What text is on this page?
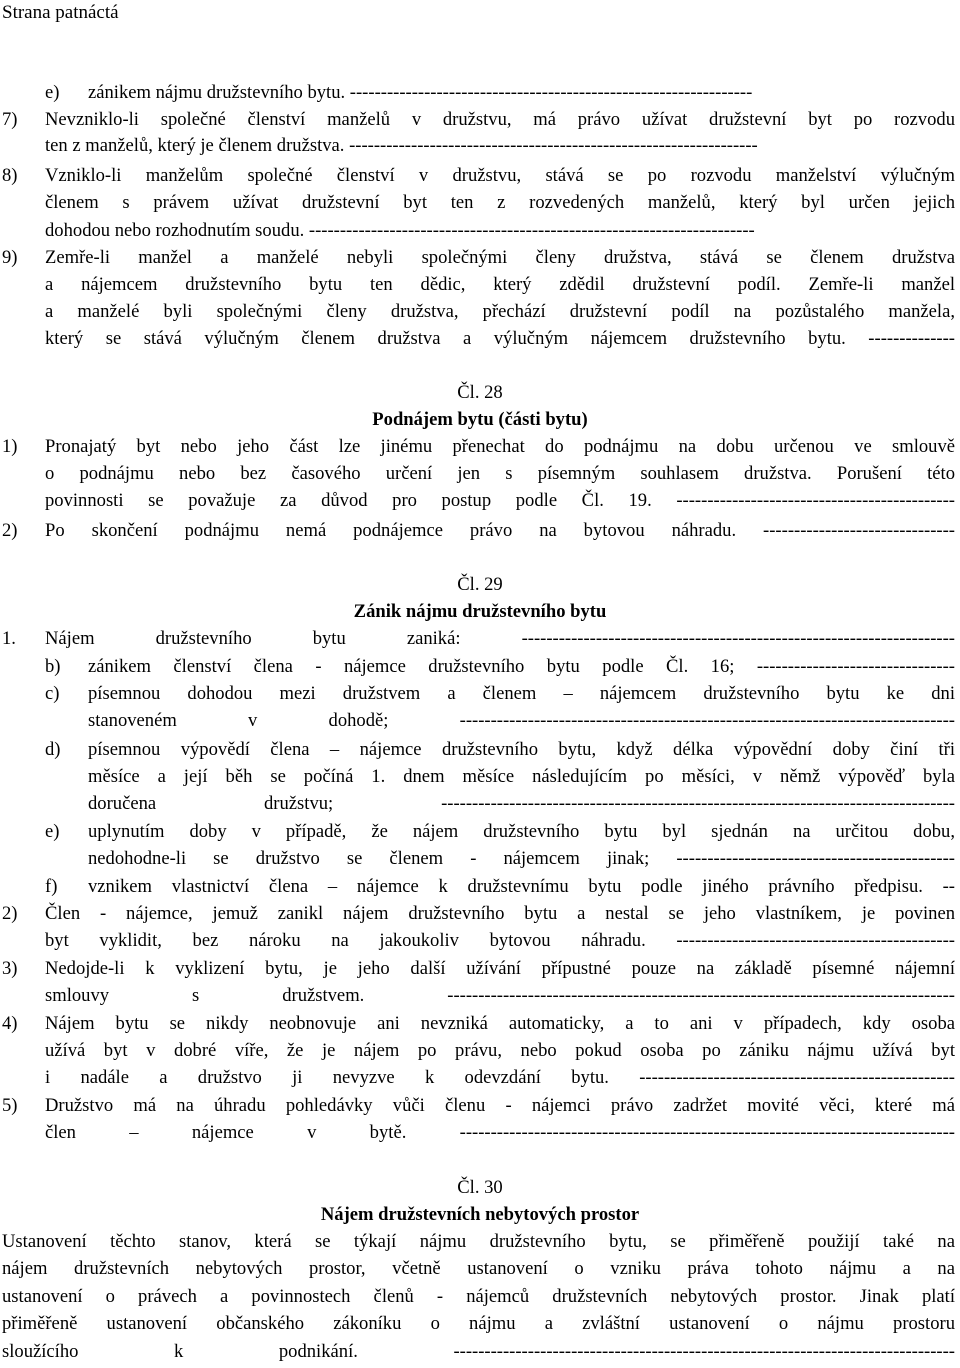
Strana patnáctá
e) zánikem nájmu družstevního bytu. -----------------------------------------------------------------
7) Nevzniklo-li společné členství manželů v družstvu, má právo užívat družstevní byt po rozvodu
ten z manželů, který je členem družstva. ------------------------------------------------------------------
8) Vzniklo-li manželům společné členství v družstvu, stává se po rozvodu manželství výlučným
členem s právem užívat družstevní byt ten z rozvedených manželů, který byl určen jejich
dohodou nebo rozhodnutím soudu. ------------------------------------------------------------------------
9) Zemře-li manžel a manželé nebyli společnými členy družstva, stává se členem družstva
a nájemcem družstevního bytu ten dědic, který zdědil družstevní podíl. Zemře-li manžel
a manželé byli společnými členy družstva, přechází družstevní podíl na pozůstalého manžela,
který se stává výlučným členem družstva a výlučným nájemcem družstevního bytu. --------------
1) Pronajatý byt nebo jeho část lze jinému přenechat do podnájmu na dobu určenou ve smlouvě
o podnájmu nebo bez časového určení jen s písemným souhlasem družstva. Porušení této
povinnosti se považuje za důvod pro postup podle Čl. 19. ---------------------------------------------
2) Po skončení podnájmu nemá podnájemce právo na bytovou náhradu. -------------------------------
1. Nájem družstevního bytu zaniká: ----------------------------------------------------------------------
b) zánikem členství člena - nájemce družstevního bytu podle Čl. 16; --------------------------------
c) písemnou dohodou mezi družstvem a členem – nájemcem družstevního bytu ke dni
stanoveném v dohodě; --------------------------------------------------------------------------------
d) písemnou výpovědí člena – nájemce družstevního bytu, když délka výpovědní doby činí tři
měsíce a její běh se počíná 1. dnem měsíce následujícím po měsíci, v němž výpověď byla
doručena družstvu; -----------------------------------------------------------------------------------
e) uplynutím doby v případě, že nájem družstevního bytu byl sjednán na určitou dobu,
nedohodne-li se družstvo se členem - nájemcem jinak; ---------------------------------------------
f) vznikem vlastnictví člena – nájemce k družstevnímu bytu podle jiného právního předpisu. --
2) Člen - nájemce, jemuž zanikl nájem družstevního bytu a nestal se jeho vlastníkem, je povinen
byt vyklidit, bez nároku na jakoukoliv bytovou náhradu. ---------------------------------------------
3) Nedojde-li k vyklizení bytu, je jeho další užívání přípustné pouze na základě písemné nájemní
smlouvy s družstvem. ----------------------------------------------------------------------------------
4) Nájem bytu se nikdy neobnovuje ani nevzniká automaticky, a to ani v případech, kdy osoba
užívá byt v dobré víře, že je nájem po právu, nebo pokud osoba po zániku nájmu užívá byt
i nadále a družstvo ji nevyzve k odevzdání bytu. ---------------------------------------------------
5) Družstvo má na úhradu pohledávky vůči členu - nájemci právo zadržet movité věci, které má
člen – nájemce v bytě. --------------------------------------------------------------------------------
Ustanovení těchto stanov, která se týkají nájmu družstevního bytu, se přiměřeně použijí také na
nájem družstevních nebytových prostor, včetně ustanovení o vzniku práva tohoto nájmu a na
ustanovení o právech a povinnostech členů - nájemců družstevních nebytových prostor. Jinak platí
přiměřeně ustanovení občanského zákoníku o nájmu a zvláštní ustanovení o nájmu prostoru
sloužícího k podnikání. ---------------------------------------------------------------------------------
Čl. 28
Podnájem bytu (části bytu)
Čl. 29
Zánik nájmu družstevního bytu
Čl. 30
Nájem družstevních nebytových prostor
